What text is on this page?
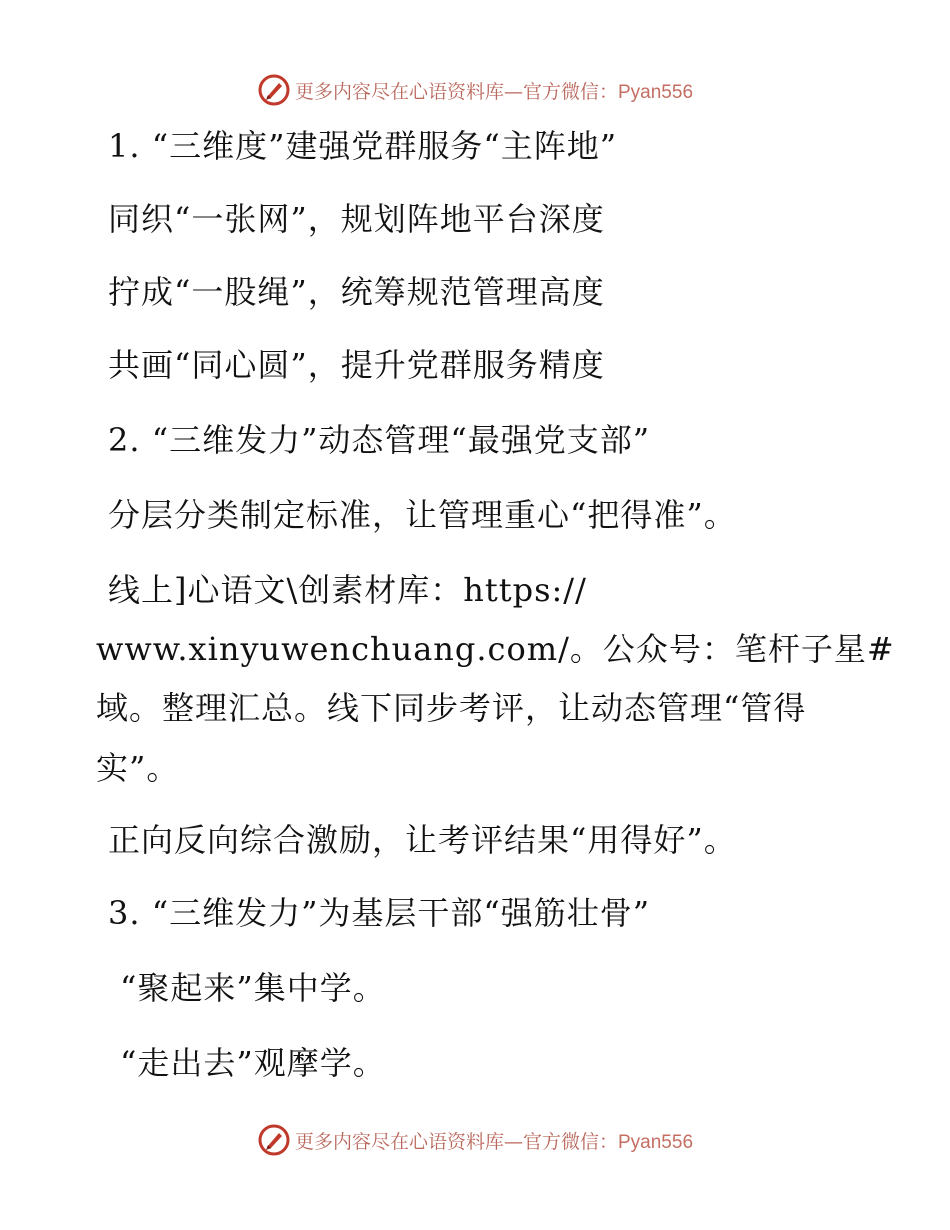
更多内容尽在心语资料库—官方微信：Pyan556
1. “三维度”建强党群服务“主阵地”
同织“一张网”，规划阵地平台深度
拧成“一股绳”，统筹规范管理高度
共画“同心圆”，提升党群服务精度
2. “三维发力”动态管理“最强党支部”
分层分类制定标准，让管理重心“把得准”。
线上]心语文\创素材库：https://
www.xinyuwenchuang.com/。公众号：笔杆子星#
域。整理汇总。线下同步考评，让动态管理“管得
实”。
正向反向综合激励，让考评结果“用得好”。
3. “三维发力”为基层干部“强筋壮骨”
“聚起来”集中学。
“走出去”观摩学。
更多内容尽在心语资料库—官方微信：Pyan556
